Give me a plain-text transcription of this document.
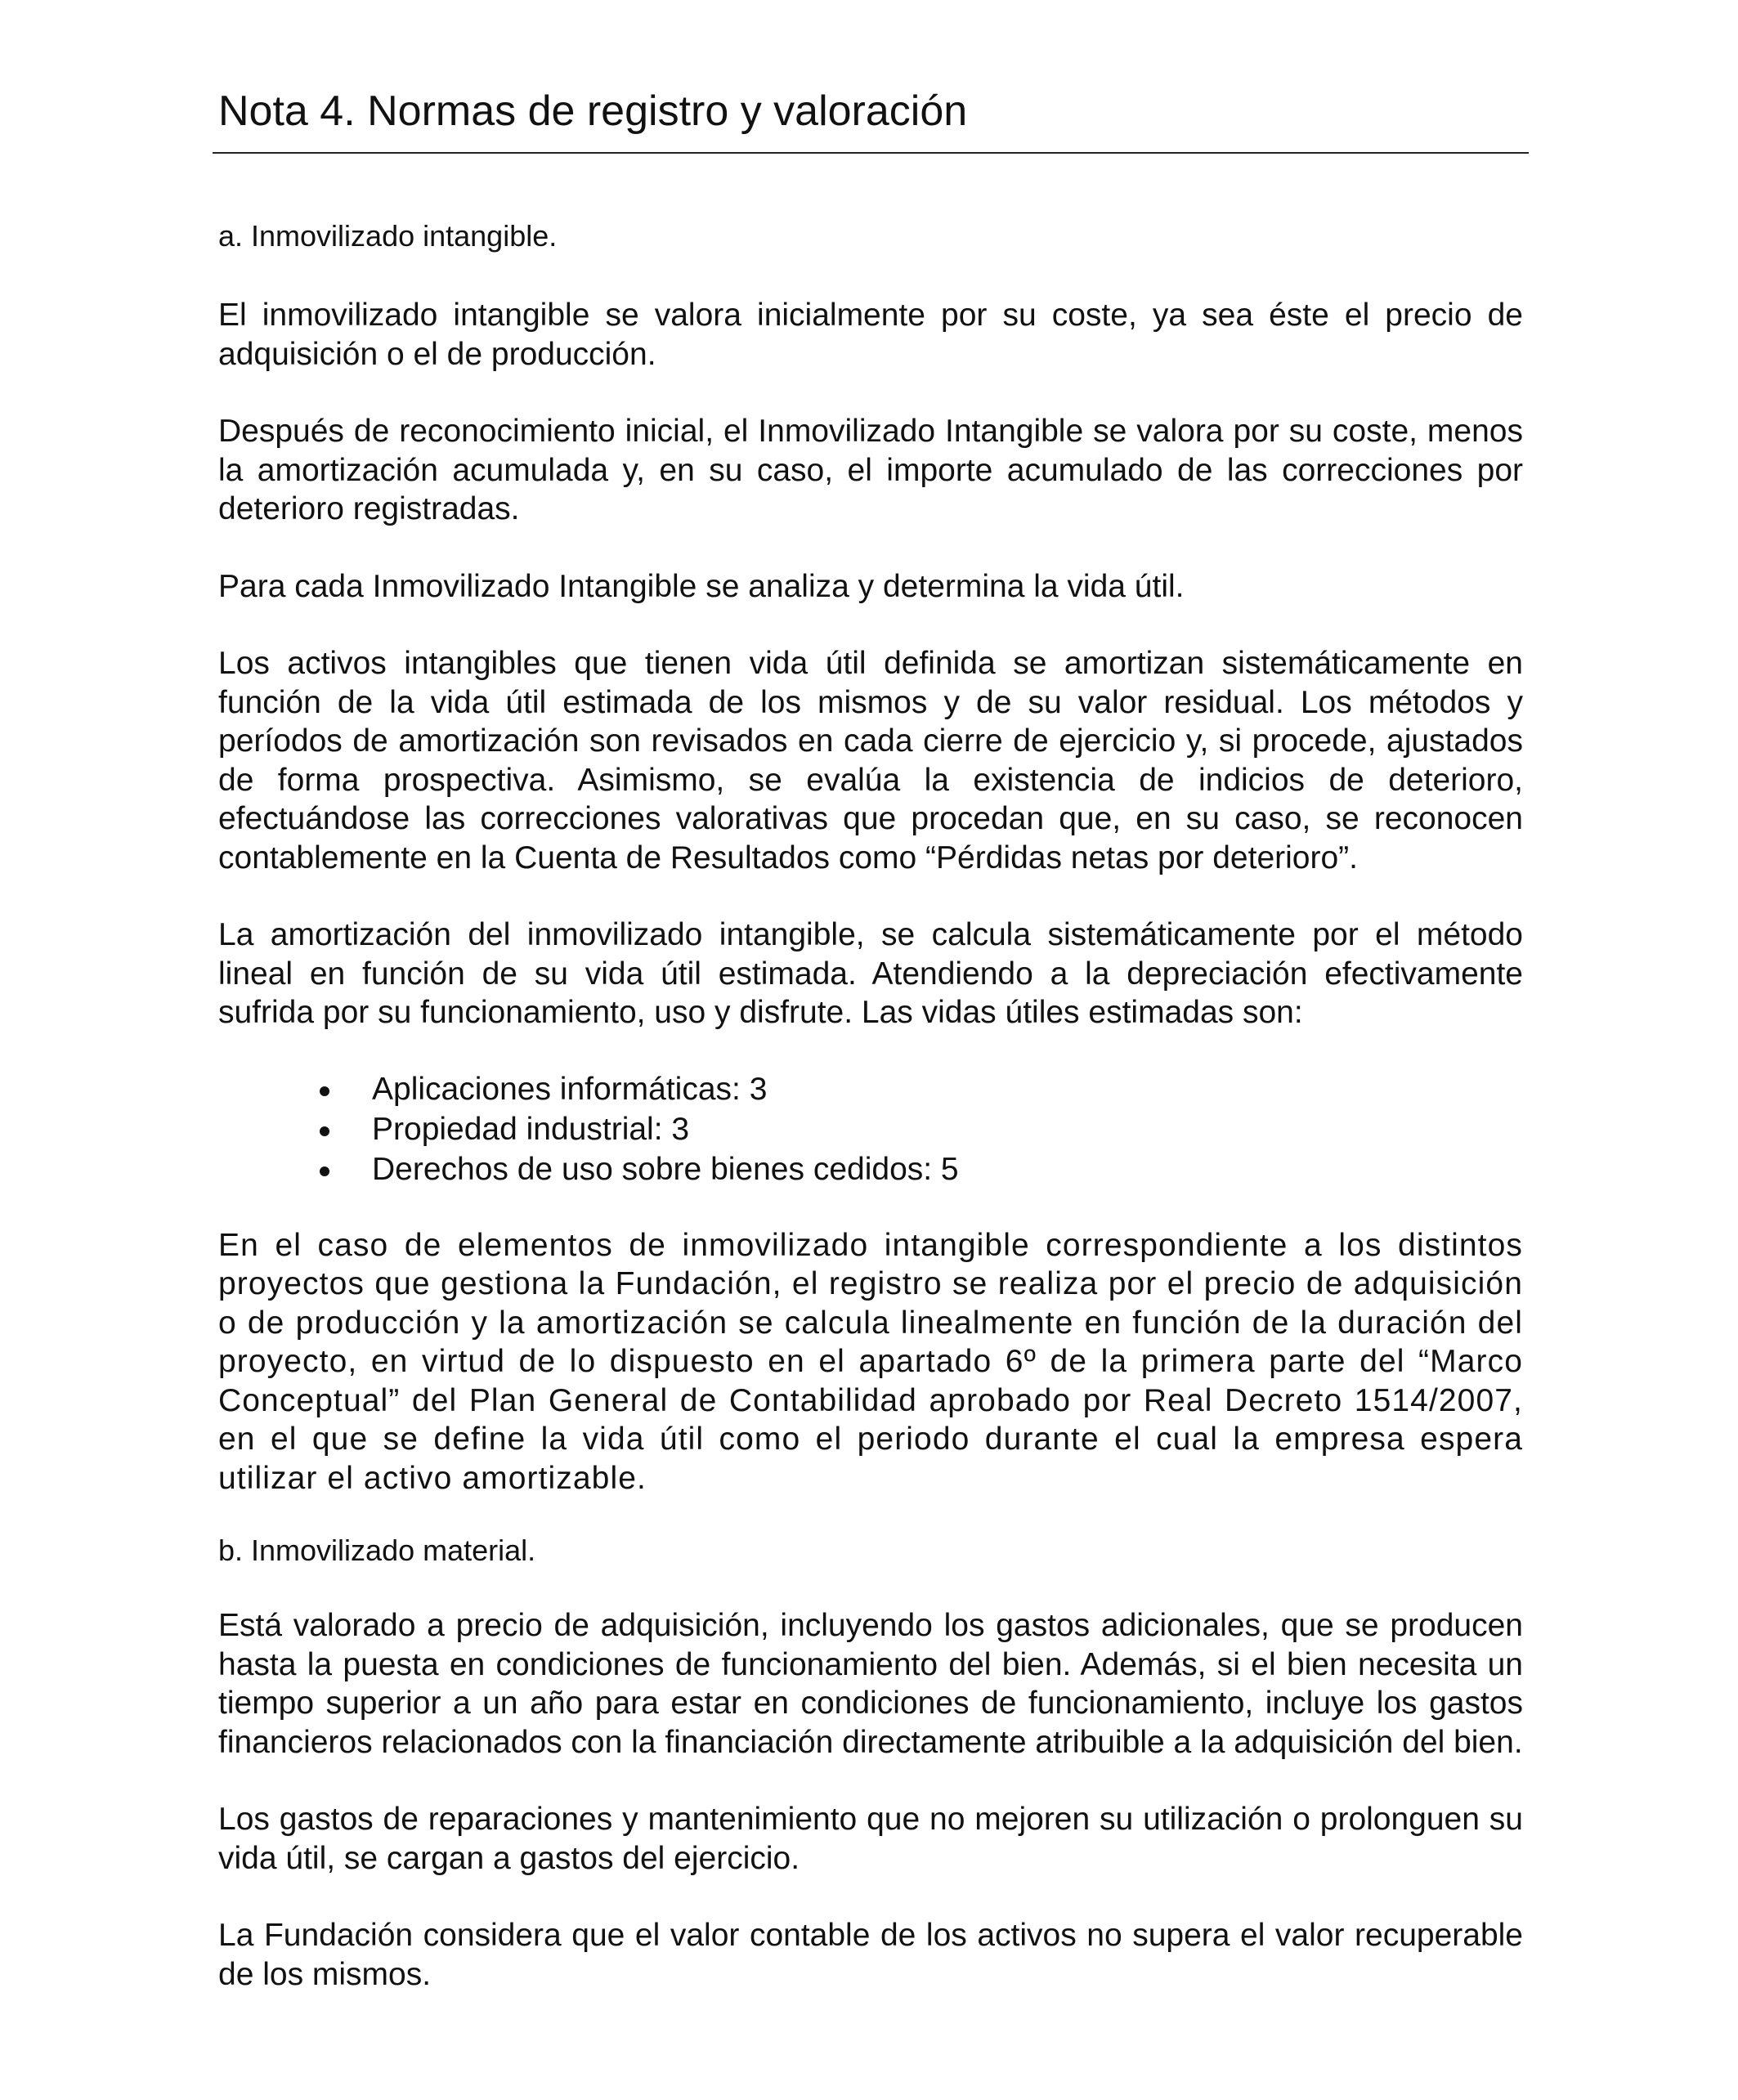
Nota 4. Normas de registro y valoración

a. Inmovilizado intangible.

El inmovilizado intangible se valora inicialmente por su coste, ya sea éste el precio de adquisición o el de producción.

Después de reconocimiento inicial, el Inmovilizado Intangible se valora por su coste, menos la amortización acumulada y, en su caso, el importe acumulado de las correcciones por deterioro registradas.

Para cada Inmovilizado Intangible se analiza y determina la vida útil.

Los activos intangibles que tienen vida útil definida se amortizan sistemáticamente en función de la vida útil estimada de los mismos y de su valor residual. Los métodos y períodos de amortización son revisados en cada cierre de ejercicio y, si procede, ajustados de forma prospectiva. Asimismo, se evalúa la existencia de indicios de deterioro, efectuándose las correcciones valorativas que procedan que, en su caso, se reconocen contablemente en la Cuenta de Resultados como “Pérdidas netas por deterioro”.

La amortización del inmovilizado intangible, se calcula sistemáticamente por el método lineal en función de su vida útil estimada. Atendiendo a la depreciación efectivamente sufrida por su funcionamiento, uso y disfrute. Las vidas útiles estimadas son:

Aplicaciones informáticas: 3
Propiedad industrial: 3
Derechos de uso sobre bienes cedidos: 5

En el caso de elementos de inmovilizado intangible correspondiente a los distintos proyectos que gestiona la Fundación, el registro se realiza por el precio de adquisición o de producción y la amortización se calcula linealmente en función de la duración del proyecto, en virtud de lo dispuesto en el apartado 6º de la primera parte del “Marco Conceptual” del Plan General de Contabilidad aprobado por Real Decreto 1514/2007, en el que se define la vida útil como el periodo durante el cual la empresa espera utilizar el activo amortizable.

b. Inmovilizado material.

Está valorado a precio de adquisición, incluyendo los gastos adicionales, que se producen hasta la puesta en condiciones de funcionamiento del bien. Además, si el bien necesita un tiempo superior a un año para estar en condiciones de funcionamiento, incluye los gastos financieros relacionados con la financiación directamente atribuible a la adquisición del bien.

Los gastos de reparaciones y mantenimiento que no mejoren su utilización o prolonguen su vida útil, se cargan a gastos del ejercicio.

La Fundación considera que el valor contable de los activos no supera el valor recuperable de los mismos.
